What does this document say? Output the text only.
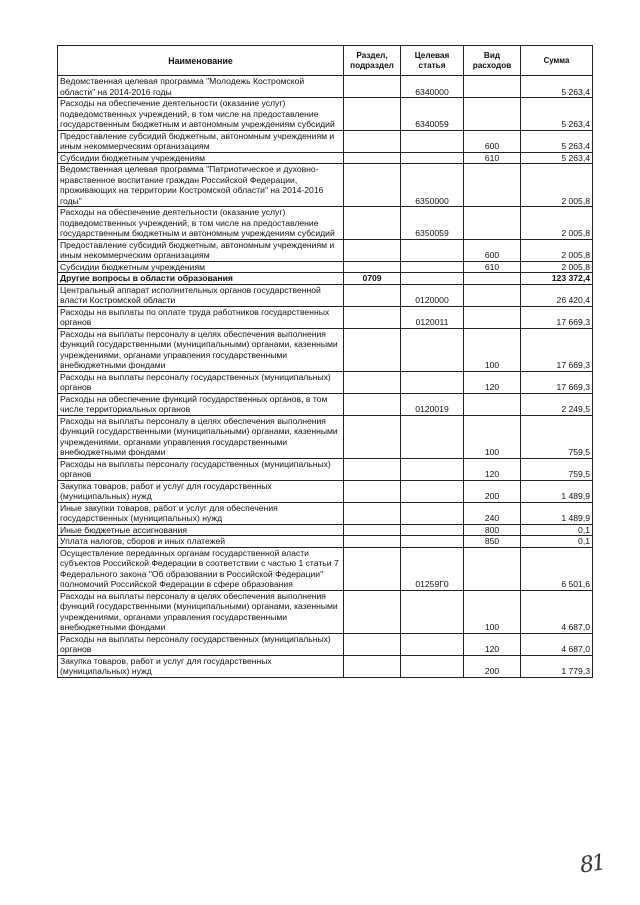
Наименование	Раздел, подраздел	Целевая статья	Вид расходов	Сумма
Ведомственная целевая программа "Молодежь Костромской области" на 2014-2016 годы		6340000		5 263,4
Расходы на обеспечение деятельности (оказание услуг) подведомственных учреждений, в том числе на предоставление государственным бюджетным и автономным учреждениям субсидий		6340059		5 263,4
Предоставление субсидий бюджетным, автономным учреждениям и иным некоммерческим организациям			600	5 263,4
Субсидии бюджетным учреждениям			610	5 263,4
Ведомственная целевая программа "Патриотическое и духовно-нравственное воспитание граждан Российской Федерации, проживающих на территории Костромской области" на 2014-2016 годы"		6350000		2 005,8
Расходы на обеспечение деятельности (оказание услуг) подведомственных учреждений, в том числе на предоставление государственным бюджетным и автономным учреждениям субсидий		6350059		2 005,8
Предоставление субсидий бюджетным, автономным учреждениям и иным некоммерческим организациям			600	2 005,8
Субсидии бюджетным учреждениям			610	2 005,8
Другие вопросы в области образования	0709			123 372,4
Центральный аппарат исполнительных органов государственной власти Костромской области		0120000		26 420,4
Расходы на выплаты по оплате труда работников государственных органов		0120011		17 669,3
Расходы на выплаты персоналу в целях обеспечения выполнения функций государственными (муниципальными) органами, казенными учреждениями, органами управления государственными внебюджетными фондами			100	17 669,3
Расходы на выплаты персоналу государственных (муниципальных) органов			120	17 669,3
Расходы на обеспечение функций государственных органов, в том числе территориальных органов		0120019		2 249,5
Расходы на выплаты персоналу в целях обеспечения выполнения функций государственными (муниципальными) органами, казенными учреждениями, органами управления государственными внебюджетными фондами			100	759,5
Расходы на выплаты персоналу государственных (муниципальных) органов			120	759,5
Закупка товаров, работ и услуг для государственных (муниципальных) нужд			200	1 489,9
Иные закупки товаров, работ и услуг для обеспечения государственных (муниципальных) нужд			240	1 489,9
Иные бюджетные ассигнования			800	0,1
Уплата налогов, сборов и иных платежей			850	0,1
Осуществление переданных органам государственной власти субъектов Российской Федерации в соответствии с частью 1 статьи 7 Федерального закона "Об образовании в Российской Федерации" полномочий Российской Федерации в сфере образования		01259Г0		6 501,6
Расходы на выплаты персоналу в целях обеспечения выполнения функций государственными (муниципальными) органами, казенными учреждениями, органами управления государственными внебюджетными фондами			100	4 687,0
Расходы на выплаты персоналу государственных (муниципальных) органов			120	4 687,0
Закупка товаров, работ и услуг для государственных (муниципальных) нужд			200	1 779,3
81
